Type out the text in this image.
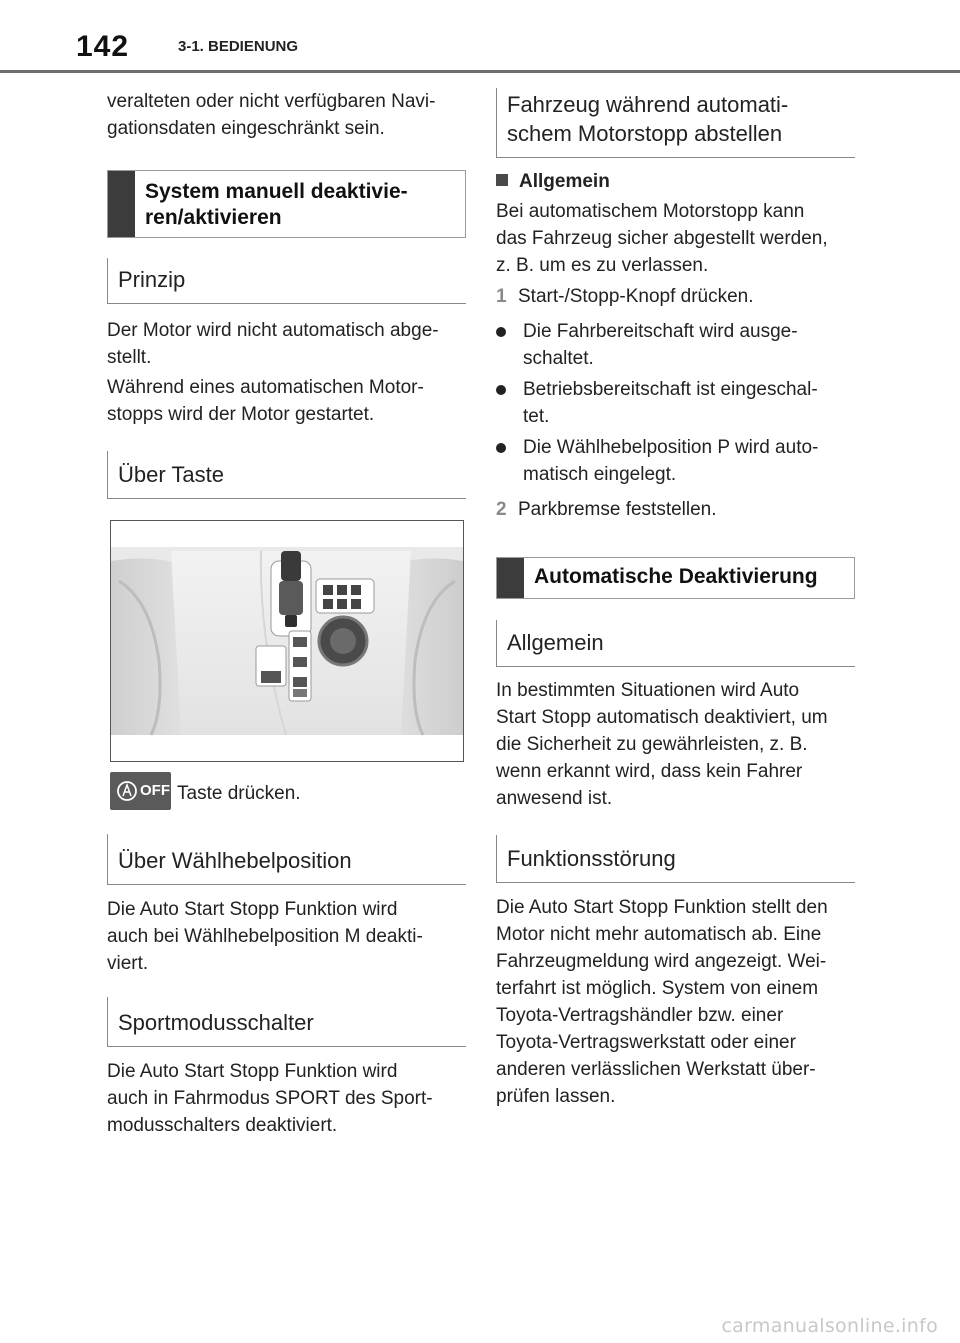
142	3-1. BEDIENUNG

veralteten oder nicht verfügbaren Navi-

gationsdaten eingeschränkt sein.

System manuell deaktivie-
ren/aktivieren
Prinzip

Der Motor wird nicht automatisch abge-

stellt.

Während eines automatischen Motor-

stopps wird der Motor gestartet.

Über Taste
OFF Taste drücken.

Über Wählhebelposition

Die Auto Start Stopp Funktion wird

auch bei Wählhebelposition M deakti-

viert.

Sportmodusschalter

Die Auto Start Stopp Funktion wird

auch in Fahrmodus SPORT des Sport-

modusschalters deaktiviert.

Fahrzeug während automati-
schem Motorstopp abstellen

Allgemein

Bei automatischem Motorstopp kann

das Fahrzeug sicher abgestellt werden,

z. B. um es zu verlassen.

1 Start-/Stopp-Knopf drücken.

Die Fahrbereitschaft wird ausge-

schaltet.

Betriebsbereitschaft ist eingeschal-

tet.

Die Wählhebelposition P wird auto-

matisch eingelegt.

2 Parkbremse feststellen.

Automatische Deaktivierung
Allgemein

In bestimmten Situationen wird Auto

Start Stopp automatisch deaktiviert, um

die Sicherheit zu gewährleisten, z. B.

wenn erkannt wird, dass kein Fahrer

anwesend ist.

Funktionsstörung

Die Auto Start Stopp Funktion stellt den

Motor nicht mehr automatisch ab. Eine

Fahrzeugmeldung wird angezeigt. Wei-

terfahrt ist möglich. System von einem

Toyota-Vertragshändler bzw. einer

Toyota-Vertragswerkstatt oder einer

anderen verlässlichen Werkstatt über-

prüfen lassen.

carmanualsonline.info
